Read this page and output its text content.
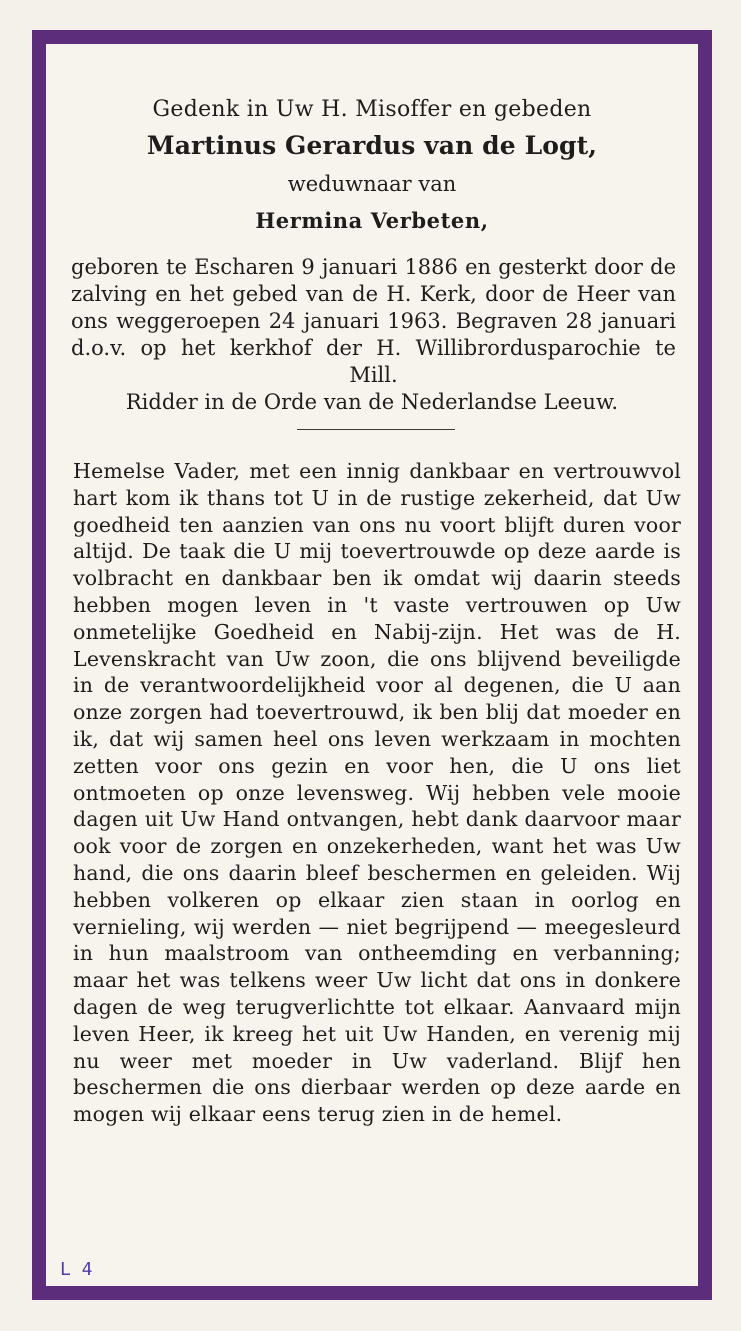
Gedenk in Uw H. Misoffer en gebeden
Martinus Gerardus van de Logt,
weduwnaar van
Hermina Verbeten,
geboren te Escharen 9 januari 1886 en gesterkt door de zalving en het gebed van de H. Kerk, door de Heer van ons weggeroepen 24 januari 1963. Begraven 28 januari d.o.v. op het kerkhof der H. Willibrordusparochie te Mill.
Ridder in de Orde van de Nederlandse Leeuw.
Hemelse Vader, met een innig dankbaar en vertrouwvol hart kom ik thans tot U in de rustige zekerheid, dat Uw goedheid ten aanzien van ons nu voort blijft duren voor altijd. De taak die U mij toevertrouwde op deze aarde is volbracht en dankbaar ben ik omdat wij daarin steeds hebben mogen leven in 't vaste vertrouwen op Uw onmetelijke Goedheid en Nabij-zijn. Het was de H. Levenskracht van Uw zoon, die ons blijvend beveiligde in de verantwoordelijkheid voor al degenen, die U aan onze zorgen had toevertrouwd, ik ben blij dat moeder en ik, dat wij samen heel ons leven werkzaam in mochten zetten voor ons gezin en voor hen, die U ons liet ontmoeten op onze levensweg. Wij hebben vele mooie dagen uit Uw Hand ontvangen, hebt dank daarvoor maar ook voor de zorgen en onzekerheden, want het was Uw hand, die ons daarin bleef beschermen en geleiden. Wij hebben volkeren op elkaar zien staan in oorlog en vernieling, wij werden — niet begrijpend — meegesleurd in hun maalstroom van ontheemding en verbanning; maar het was telkens weer Uw licht dat ons in donkere dagen de weg terugverlichtte tot elkaar. Aanvaard mijn leven Heer, ik kreeg het uit Uw Handen, en verenig mij nu weer met moeder in Uw vaderland. Blijf hen beschermen die ons dierbaar werden op deze aarde en mogen wij elkaar eens terug zien in de hemel.
L 4
